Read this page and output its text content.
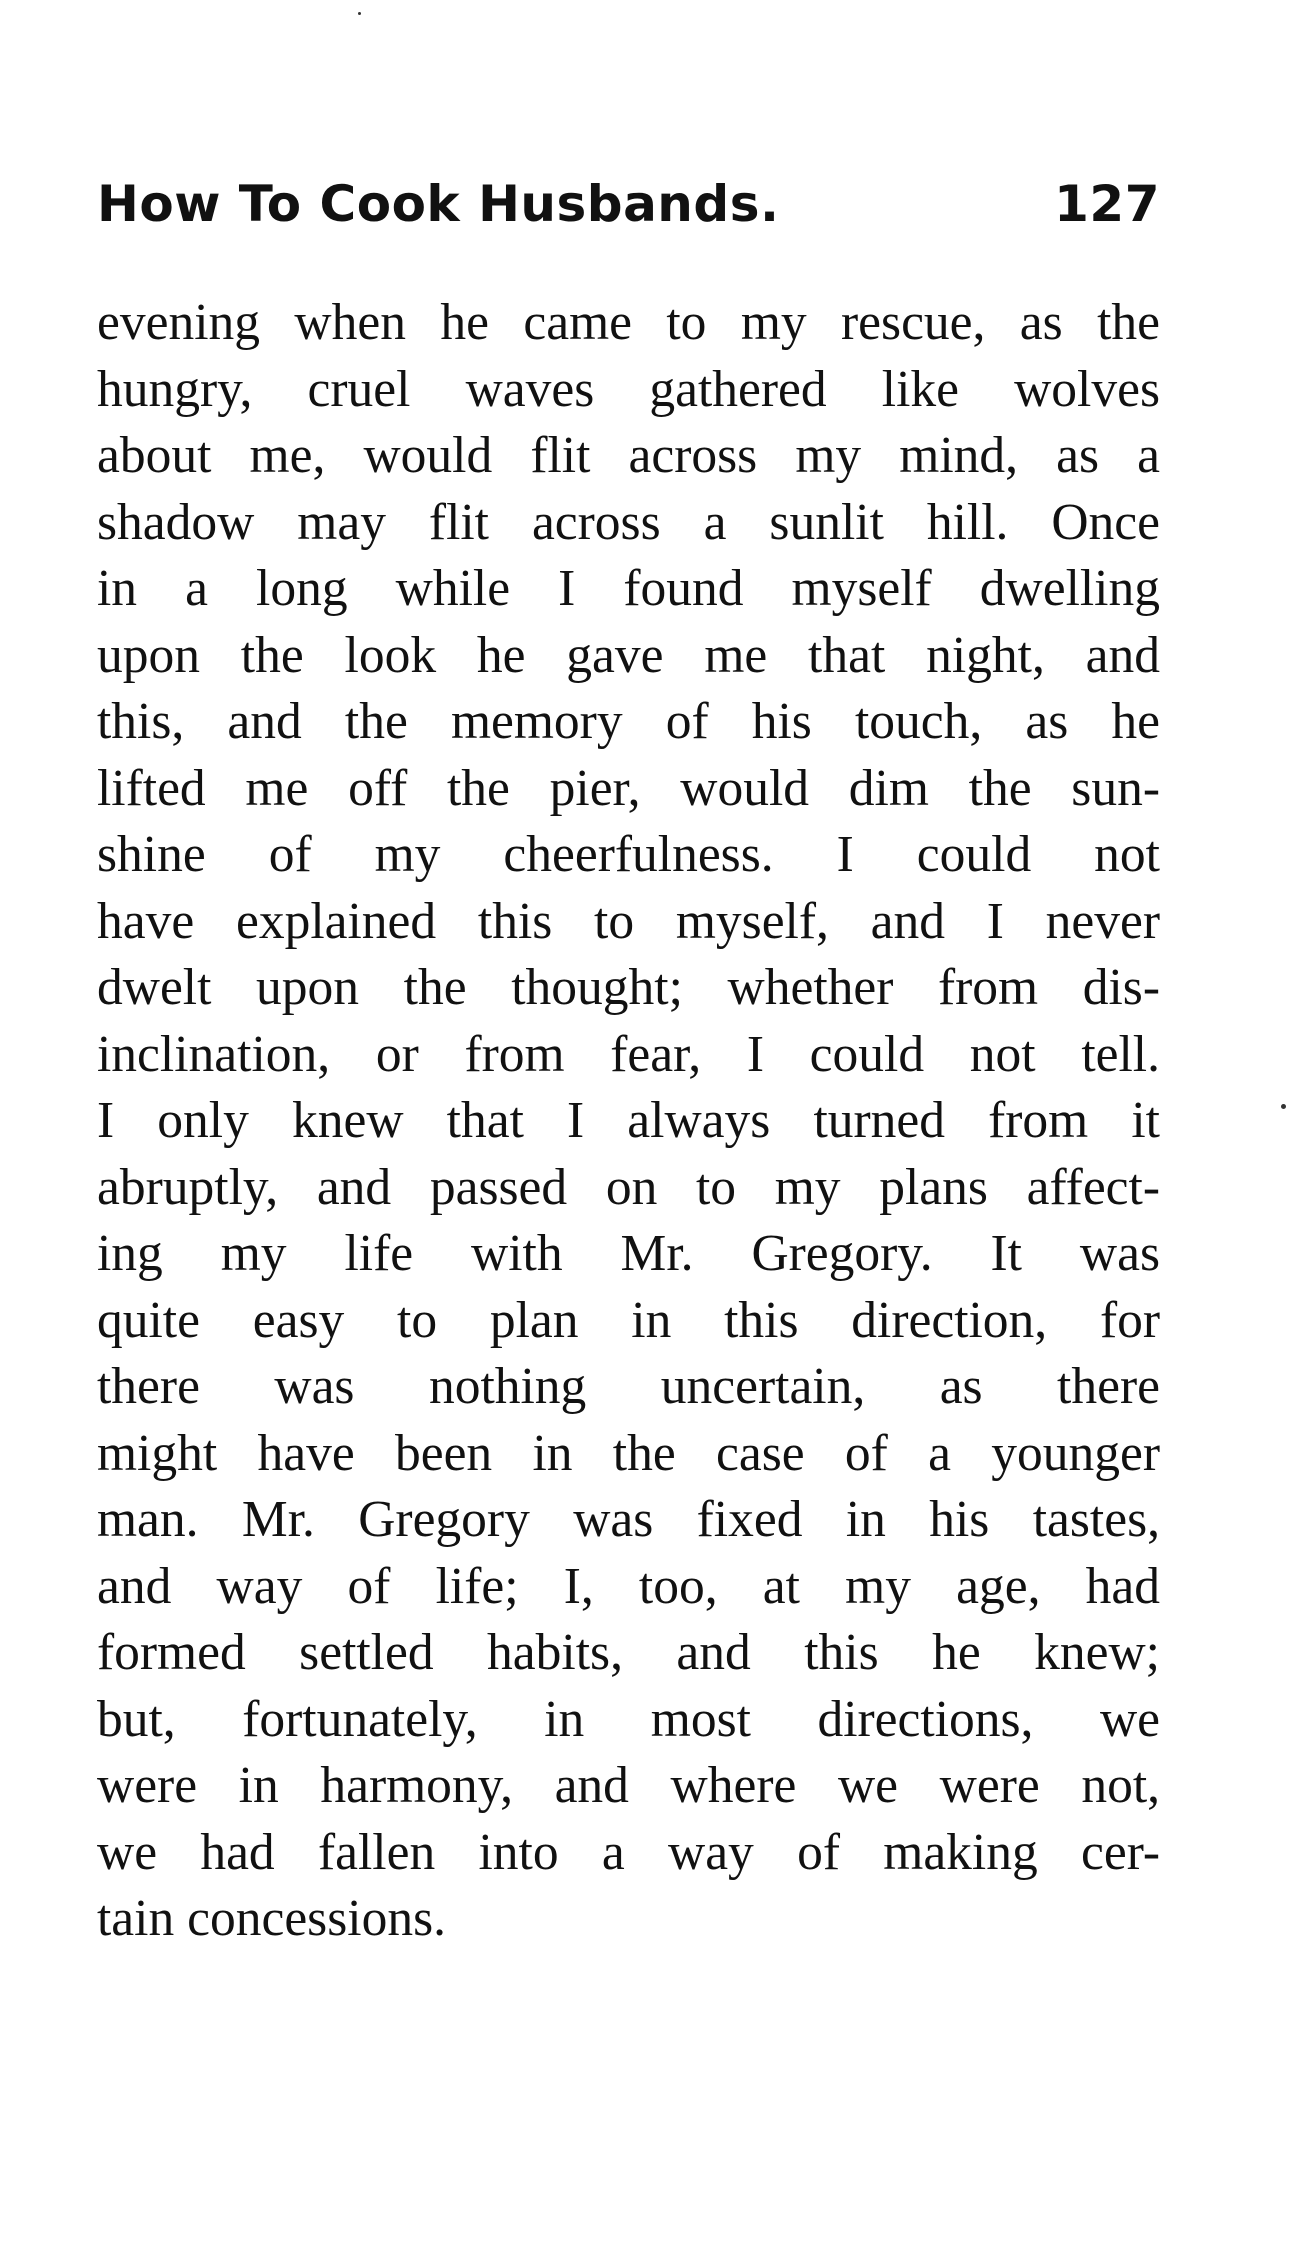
How To Cook Husbands.	127
evening when he came to my rescue, as the
hungry, cruel waves gathered like wolves
about me, would flit across my mind, as a
shadow may flit across a sunlit hill. Once
in a long while I found myself dwelling
upon the look he gave me that night, and
this, and the memory of his touch, as he
lifted me off the pier, would dim the sun-
shine of my cheerfulness. I could not
have explained this to myself, and I never
dwelt upon the thought; whether from dis-
inclination, or from fear, I could not tell.
I only knew that I always turned from it
abruptly, and passed on to my plans affect-
ing my life with Mr. Gregory. It was
quite easy to plan in this direction, for
there was nothing uncertain, as there
might have been in the case of a younger
man. Mr. Gregory was fixed in his tastes,
and way of life; I, too, at my age, had
formed settled habits, and this he knew;
but, fortunately, in most directions, we
were in harmony, and where we were not,
we had fallen into a way of making cer-
tain concessions.
